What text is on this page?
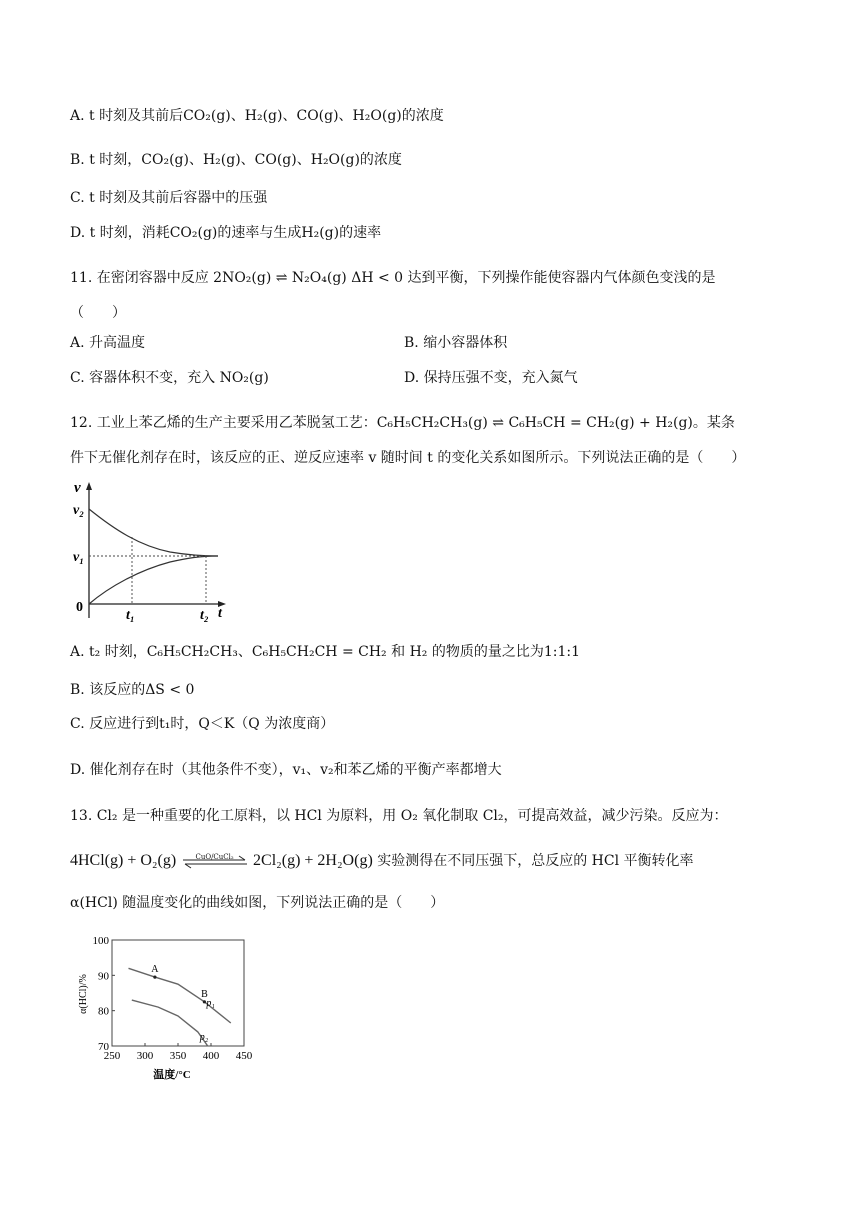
A. t 时刻及其前后CO₂(g)、H₂(g)、CO(g)、H₂O(g)的浓度
B. t 时刻，CO₂(g)、H₂(g)、CO(g)、H₂O(g)的浓度
C. t 时刻及其前后容器中的压强
D. t 时刻，消耗CO₂(g)的速率与生成H₂(g)的速率
11. 在密闭容器中反应 2NO₂(g) ⇌ N₂O₄(g) ΔH < 0 达到平衡，下列操作能使容器内气体颜色变浅的是
（　　）
A. 升高温度	B. 缩小容器体积
C. 容器体积不变，充入 NO₂(g)	D. 保持压强不变，充入氮气
12. 工业上苯乙烯的生产主要采用乙苯脱氢工艺：C₆H₅CH₂CH₃(g) ⇌ C₆H₅CH = CH₂(g) + H₂(g)。某条
件下无催化剂存在时，该反应的正、逆反应速率 v 随时间 t 的变化关系如图所示。下列说法正确的是（　　）
v
v₂
v₁
0
t₁	t₂ t
A. t₂ 时刻，C₆H₅CH₂CH₃、C₆H₅CH₂CH = CH₂ 和 H₂ 的物质的量之比为1:1:1
B. 该反应的ΔS < 0
C. 反应进行到t₁时，Q＜K（Q 为浓度商）
D. 催化剂存在时（其他条件不变），v₁、v₂和苯乙烯的平衡产率都增大
13. Cl₂ 是一种重要的化工原料，以 HCl 为原料，用 O₂ 氧化制取 Cl₂，可提高效益，减少污染。反应为：
4HCl(g) + O₂(g)	CuO/CuCl₂	2Cl₂(g) + 2H₂O(g) 实验测得在不同压强下，总反应的 HCl 平衡转化率
α(HCl) 随温度变化的曲线如图，下列说法正确的是（　　）
70
80
90
100
250 300 350 400 450
p₁
p₂
A
B
α(HCl)/%
温度/°C
